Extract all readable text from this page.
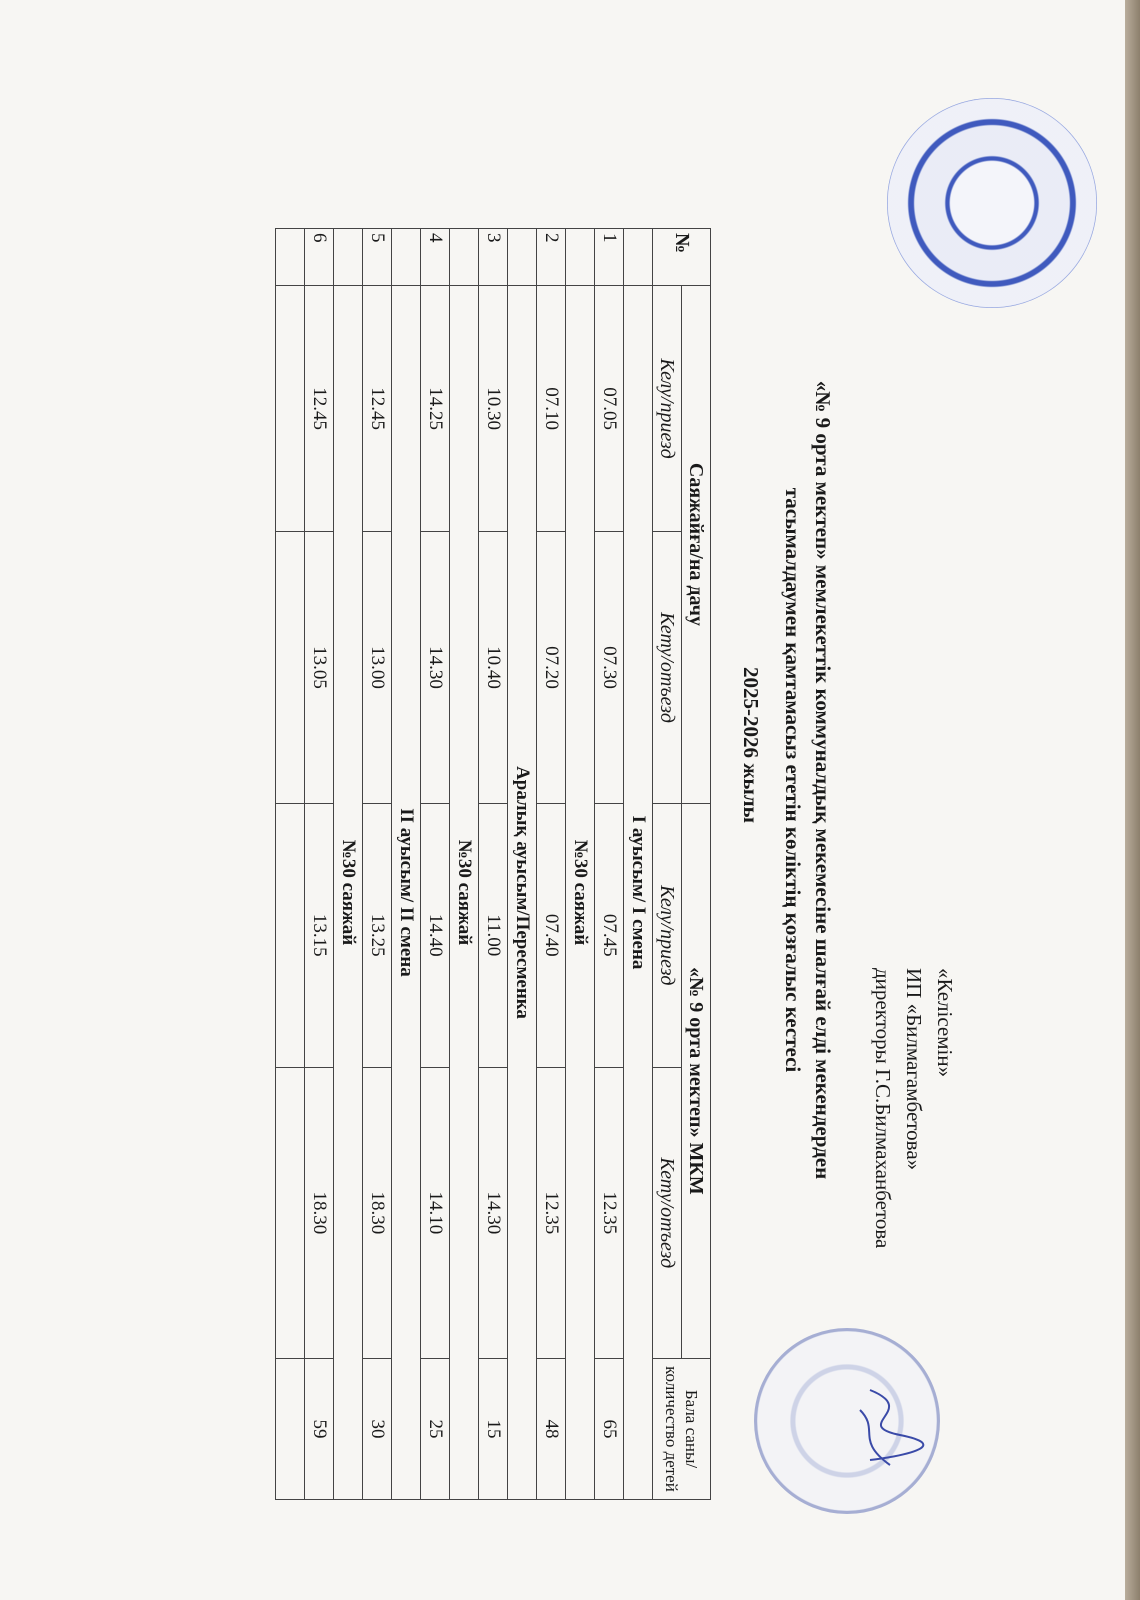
«Келісемін»
ИП «Билмагамбетова»
директоры Г.С.Билмаханбетова
«№ 9 орта мектеп» мемлекеттік коммуналдық мекемесіне шалғай елді мекендерден
тасымалдаумен қамтамасыз ететін көліктің қозғалыс кестесі
2025-2026 жылы
№	Саяжайға/на дачу		«№ 9 орта мектеп» МКМ		Бала саны/количество детей
	Келу/приезд	Кету/отъезд	Келу/приезд	Кету/отъезд	
	I ауысым/ I смена				
1	07.05	07.30	07.45	12.35	65
	№30 саяжай				
2	07.10	07.20	07.40	12.35	48
	Аралық ауысым/Пересменка				
3	10.30	10.40	11.00	14.30	15
	№30 саяжай				
4	14.25	14.30	14.40	14.10	25
	II ауысым/ II смена				
5	12.45	13.00	13.25	18.30	30
	№30 саяжай				
6	12.45	13.05	13.15	18.30	59
